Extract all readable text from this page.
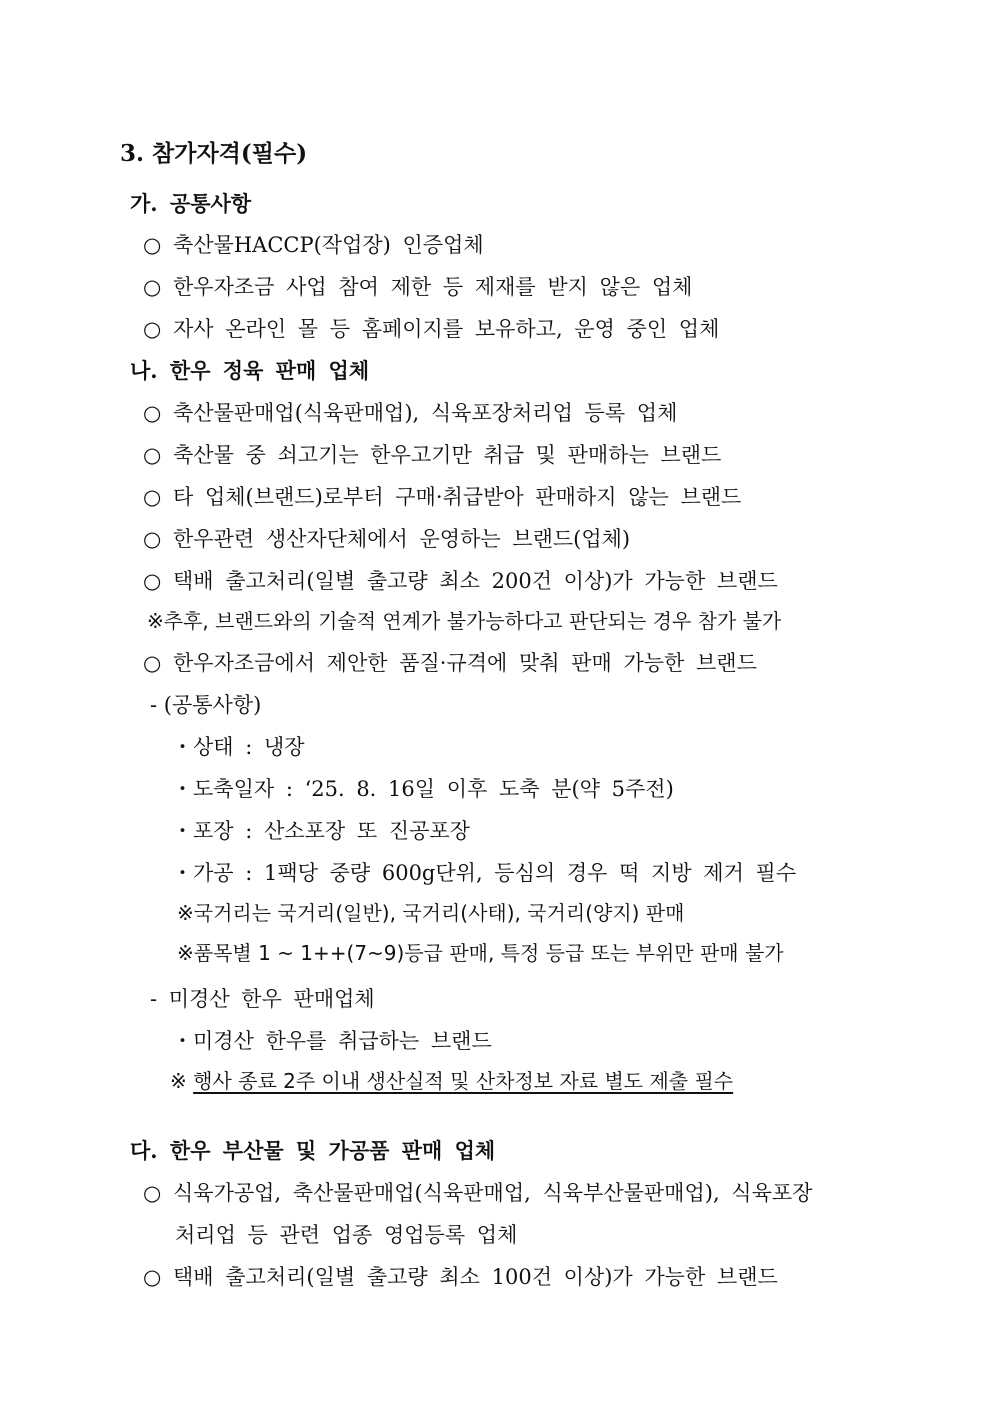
3. 참가자격(필수)
가. 공통사항
○ 축산물HACCP(작업장) 인증업체
○ 한우자조금 사업 참여 제한 등 제재를 받지 않은 업체
○ 자사 온라인 몰 등 홈페이지를 보유하고, 운영 중인 업체
나. 한우 정육 판매 업체
○ 축산물판매업(식육판매업), 식육포장처리업 등록 업체
○ 축산물 중 쇠고기는 한우고기만 취급 및 판매하는 브랜드
○ 타 업체(브랜드)로부터 구매·취급받아 판매하지 않는 브랜드
○ 한우관련 생산자단체에서 운영하는 브랜드(업체)
○ 택배 출고처리(일별 출고량 최소 200건 이상)가 가능한 브랜드
※추후, 브랜드와의 기술적 연계가 불가능하다고 판단되는 경우 참가 불가
○ 한우자조금에서 제안한 품질·규격에 맞춰 판매 가능한 브랜드
- (공통사항)
・상태 : 냉장
・도축일자 : ‘25. 8. 16일 이후 도축 분(약 5주전)
・포장 : 산소포장 또 진공포장
・가공 : 1팩당 중량 600g단위, 등심의 경우 떡 지방 제거 필수
※국거리는 국거리(일반), 국거리(사태), 국거리(양지) 판매
※품목별 1 ~ 1++(7~9)등급 판매, 특정 등급 또는 부위만 판매 불가
- 미경산 한우 판매업체
・미경산 한우를 취급하는 브랜드
※ 행사 종료 2주 이내 생산실적 및 산차정보 자료 별도 제출 필수
다. 한우 부산물 및 가공품 판매 업체
○ 식육가공업, 축산물판매업(식육판매업, 식육부산물판매업), 식육포장
처리업 등 관련 업종 영업등록 업체
○ 택배 출고처리(일별 출고량 최소 100건 이상)가 가능한 브랜드
